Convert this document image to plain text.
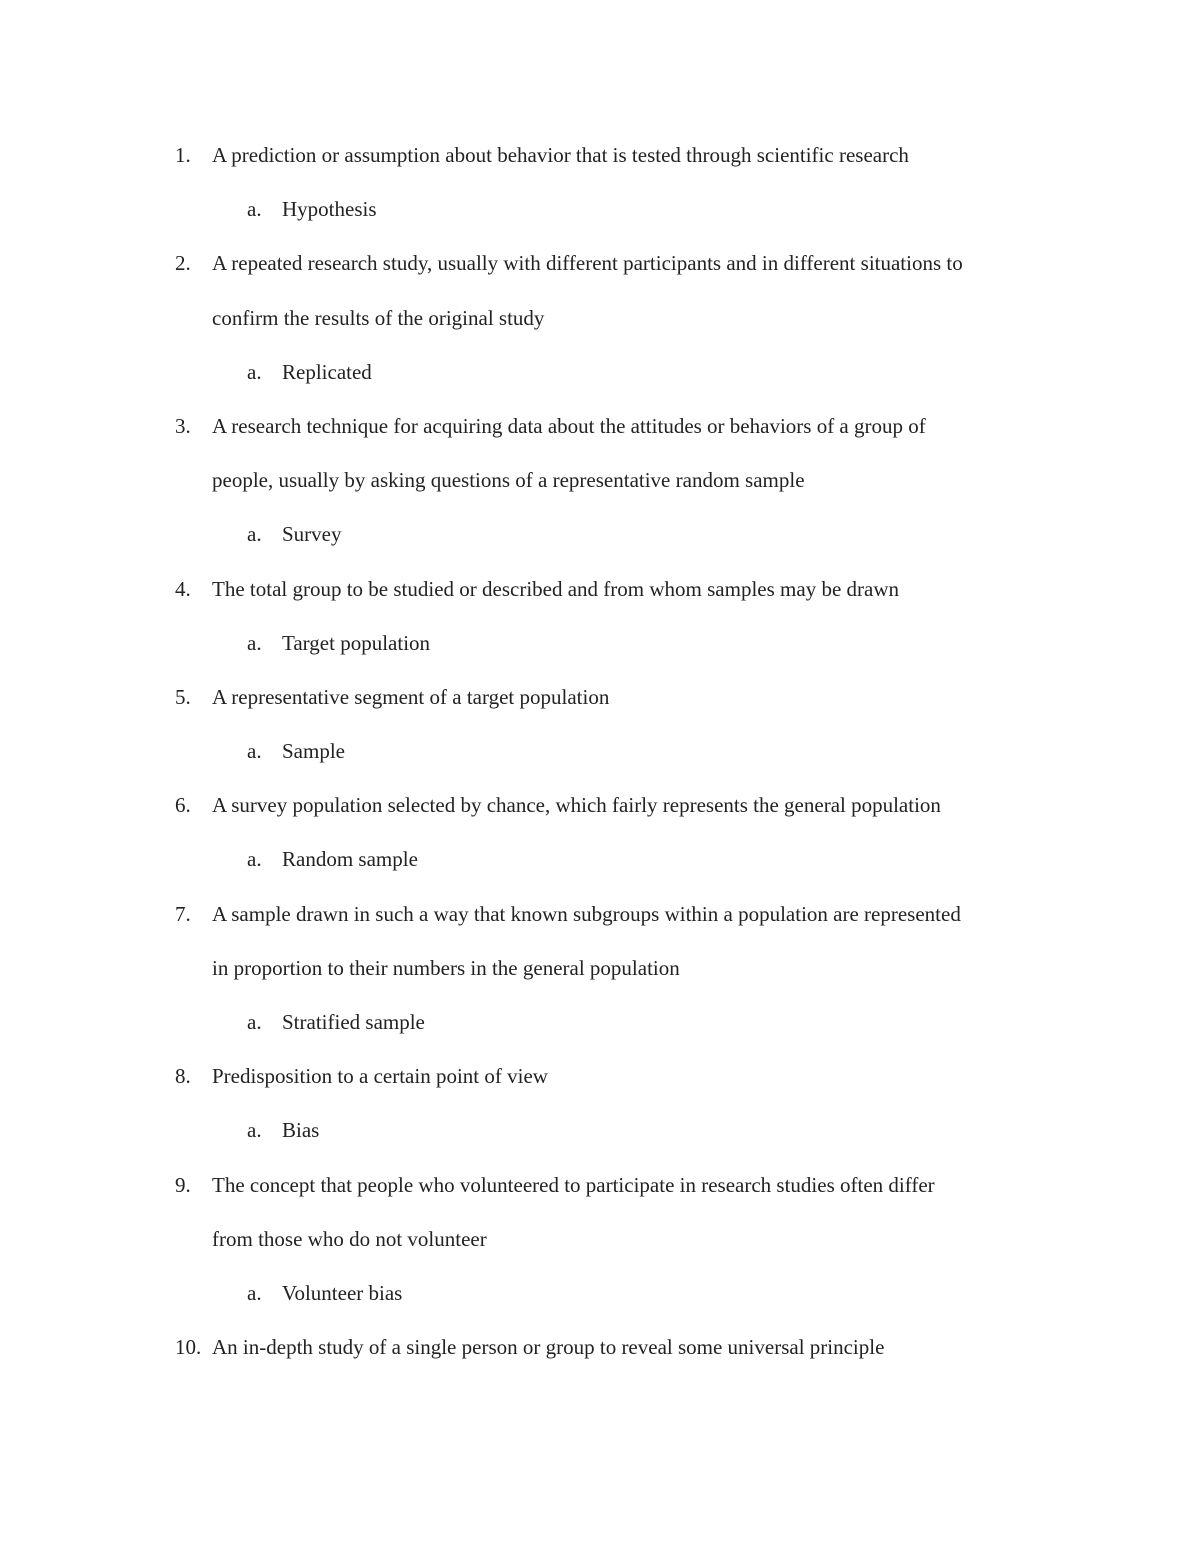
1. A prediction or assumption about behavior that is tested through scientific research
a. Hypothesis
2. A repeated research study, usually with different participants and in different situations to
confirm the results of the original study
a. Replicated
3. A research technique for acquiring data about the attitudes or behaviors of a group of
people, usually by asking questions of a representative random sample
a. Survey
4. The total group to be studied or described and from whom samples may be drawn
a. Target population
5. A representative segment of a target population
a. Sample
6. A survey population selected by chance, which fairly represents the general population
a. Random sample
7. A sample drawn in such a way that known subgroups within a population are represented
in proportion to their numbers in the general population
a. Stratified sample
8. Predisposition to a certain point of view
a. Bias
9. The concept that people who volunteered to participate in research studies often differ
from those who do not volunteer
a. Volunteer bias
10. An in-depth study of a single person or group to reveal some universal principle
